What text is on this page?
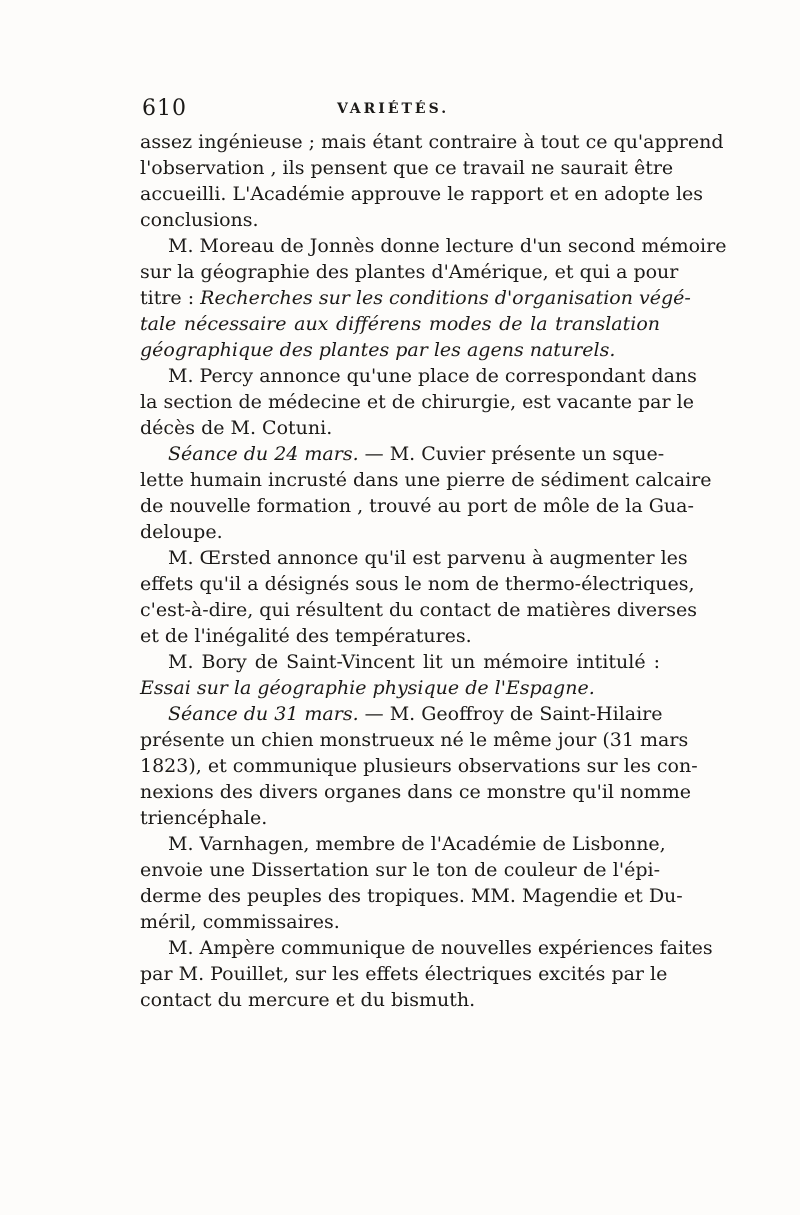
610	VARIÉTÉS.
assez ingénieuse ; mais étant contraire à tout ce qu'apprend
l'observation , ils pensent que ce travail ne saurait être
accueilli. L'Académie approuve le rapport et en adopte les
conclusions.
M. Moreau de Jonnès donne lecture d'un second mémoire
sur la géographie des plantes d'Amérique, et qui a pour
titre : Recherches sur les conditions d'organisation végé-
tale nécessaire aux différens modes de la translation
géographique des plantes par les agens naturels.
M. Percy annonce qu'une place de correspondant dans
la section de médecine et de chirurgie, est vacante par le
décès de M. Cotuni.
Séance du 24 mars. — M. Cuvier présente un sque-
lette humain incrusté dans une pierre de sédiment calcaire
de nouvelle formation , trouvé au port de môle de la Gua-
deloupe.
M. Œrsted annonce qu'il est parvenu à augmenter les
effets qu'il a désignés sous le nom de thermo-électriques,
c'est-à-dire, qui résultent du contact de matières diverses
et de l'inégalité des températures.
M. Bory de Saint-Vincent lit un mémoire intitulé :
Essai sur la géographie physique de l'Espagne.
Séance du 31 mars. — M. Geoffroy de Saint-Hilaire
présente un chien monstrueux né le même jour (31 mars
1823), et communique plusieurs observations sur les con-
nexions des divers organes dans ce monstre qu'il nomme
triencéphale.
M. Varnhagen, membre de l'Académie de Lisbonne,
envoie une Dissertation sur le ton de couleur de l'épi-
derme des peuples des tropiques. MM. Magendie et Du-
méril, commissaires.
M. Ampère communique de nouvelles expériences faites
par M. Pouillet, sur les effets électriques excités par le
contact du mercure et du bismuth.
